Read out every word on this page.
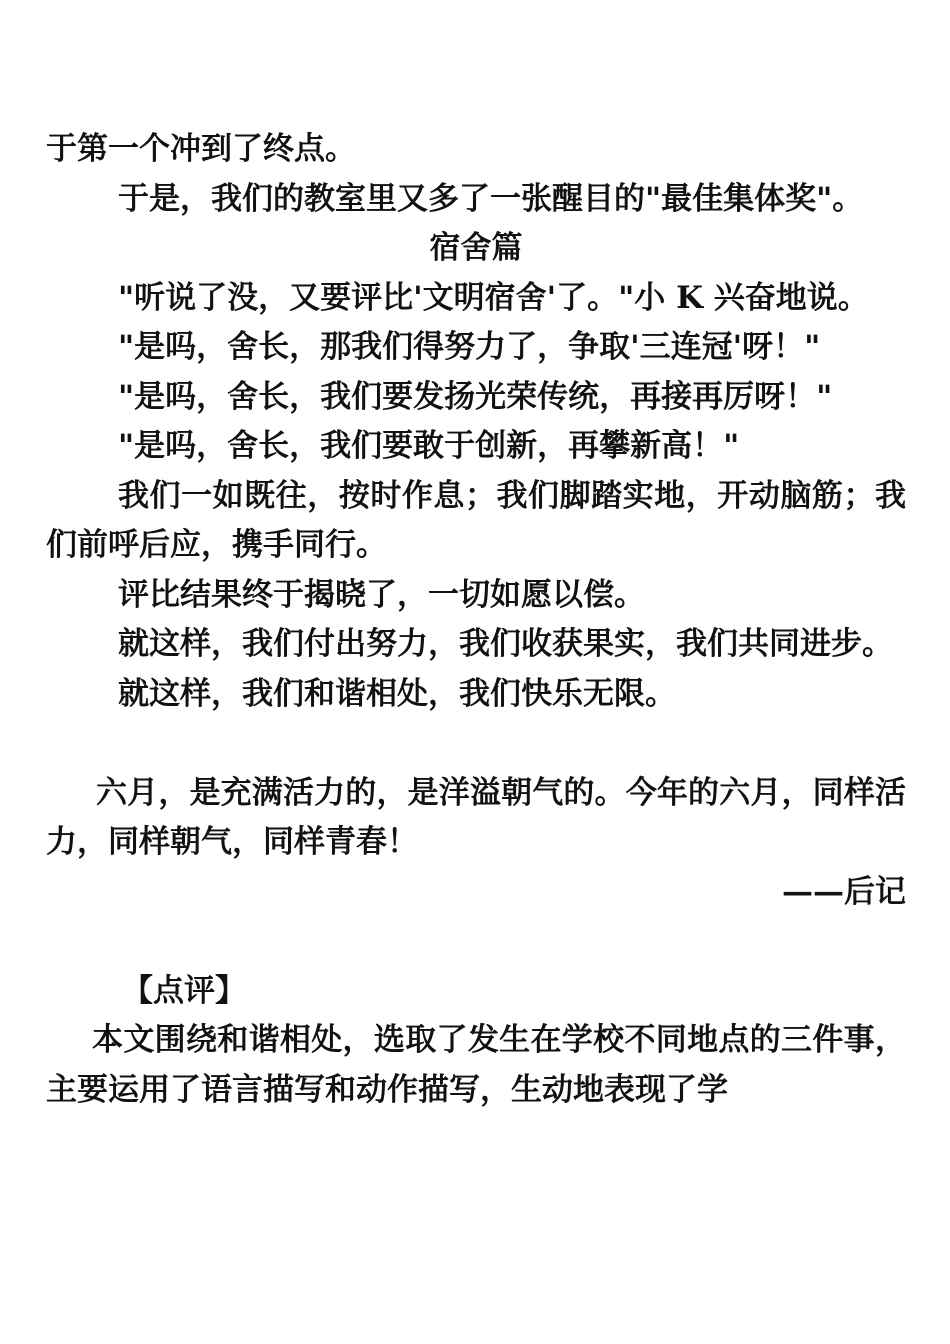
于第一个冲到了终点。

于是，我们的教室里又多了一张醒目的"最佳集体奖"。

宿舍篇

"听说了没，又要评比'文明宿舍'了。"小 K 兴奋地说。

"是吗，舍长，那我们得努力了，争取'三连冠'呀！"

"是吗，舍长，我们要发扬光荣传统，再接再厉呀！"

"是吗，舍长，我们要敢于创新，再攀新高！"

我们一如既往，按时作息；我们脚踏实地，开动脑筋；我们前呼后应，携手同行。

评比结果终于揭晓了，一切如愿以偿。

就这样，我们付出努力，我们收获果实，我们共同进步。

就这样，我们和谐相处，我们快乐无限。

六月，是充满活力的，是洋溢朝气的。今年的六月，同样活力，同样朝气，同样青春！

——后记

【点评】

本文围绕和谐相处，选取了发生在学校不同地点的三件事，主要运用了语言描写和动作描写，生动地表现了学
